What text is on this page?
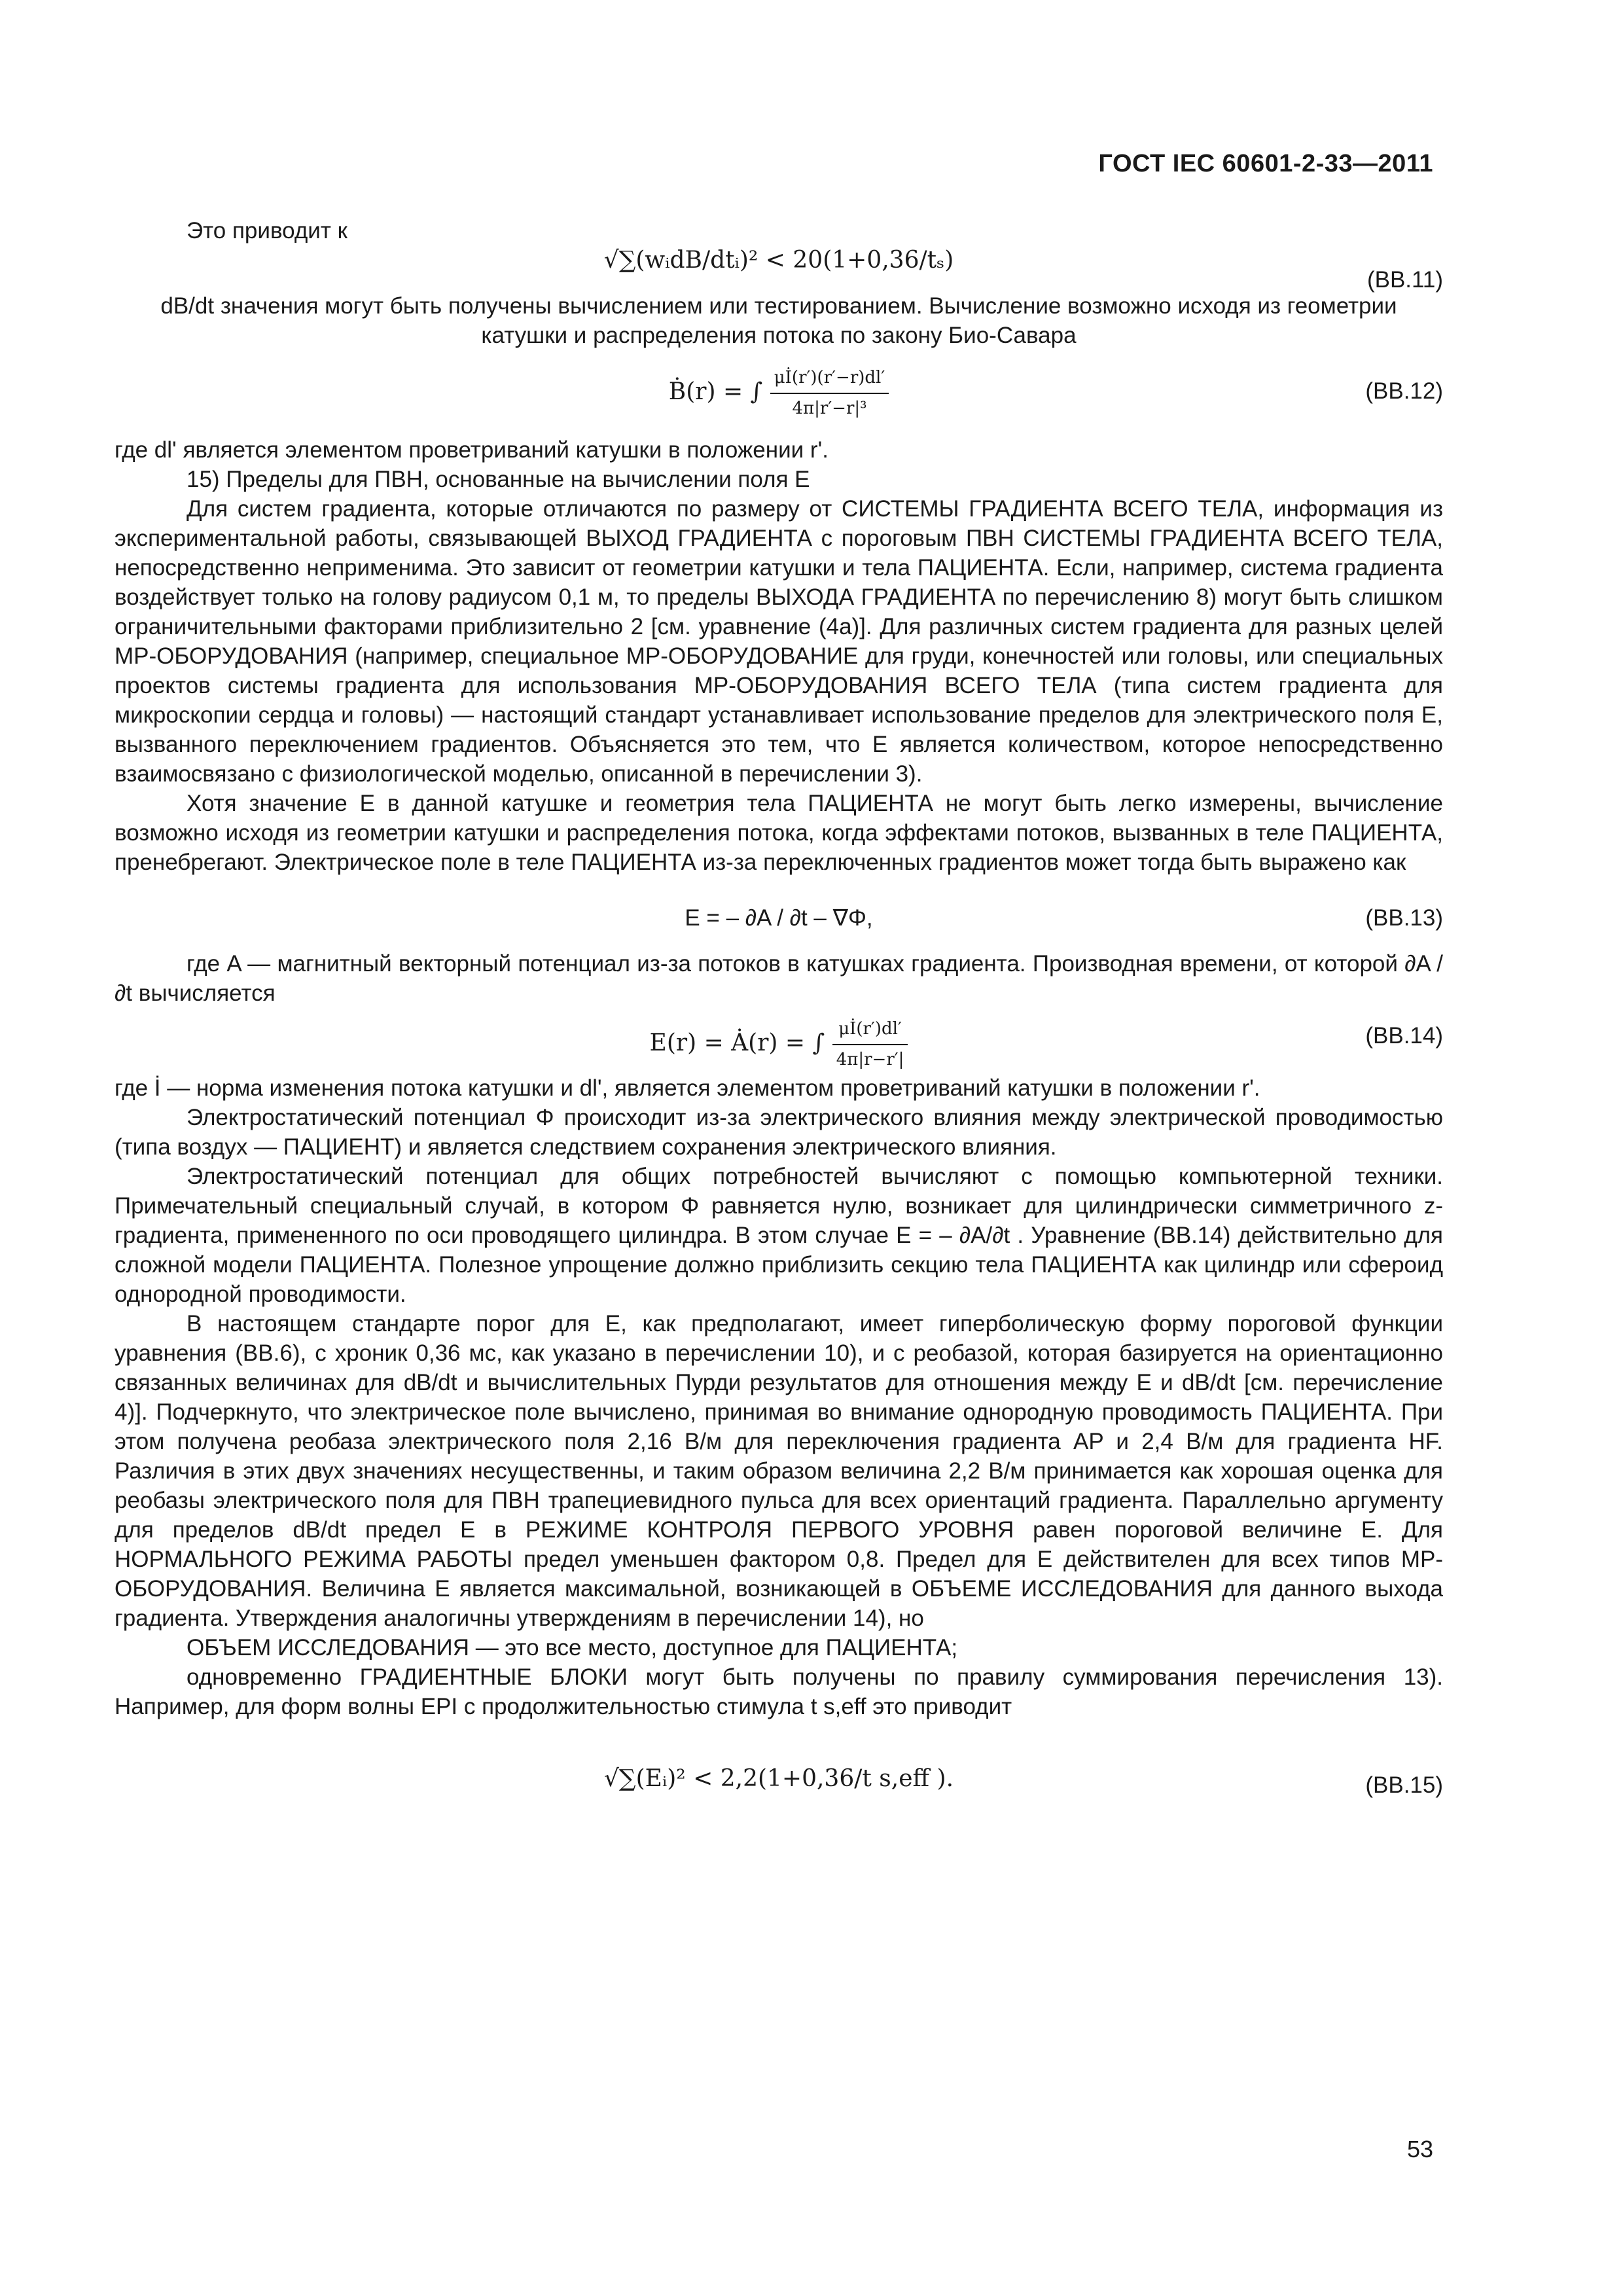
ГОСТ IEC 60601-2-33—2011

Это приводит к

√∑(wᵢdB/dtᵢ)² < 20(1+0,36/tₛ)
(ВВ.11)

dB/dt значения могут быть получены вычислением или тестированием. Вычисление возможно исходя из геометрии катушки и распределения потока по закону Био-Савара

Ḃ(r) = ∫ $\frac{\mu İ(r')(r'-r)dl'}{\text{4π|r′−r|³}}$	(ВВ.12)

где dl' является элементом проветриваний катушки в положении r'.

15) Пределы для ПВН, основанные на вычислении поля E

Для систем градиента, которые отличаются по размеру от СИСТЕМЫ ГРАДИЕНТА ВСЕГО ТЕЛА, информация из экспериментальной работы, связывающей ВЫХОД ГРАДИЕНТА с пороговым ПВН СИСТЕМЫ ГРАДИЕНТА ВСЕГО ТЕЛА, непосредственно неприменима. Это зависит от геометрии катушки и тела ПАЦИЕНТА. Если, например, система градиента воздействует только на голову радиусом 0,1 м, то пределы ВЫХОДА ГРАДИЕНТА по перечислению 8) могут быть слишком ограничительными факторами приблизительно 2 [см. уравнение (4а)]. Для различных систем градиента для разных целей МР-ОБОРУДОВАНИЯ (например, специальное МР-ОБОРУДОВАНИЕ для груди, конечностей или головы, или специальных проектов системы градиента для использования МР-ОБОРУДОВАНИЯ ВСЕГО ТЕЛА (типа систем градиента для микроскопии сердца и головы) — настоящий стандарт устанавливает использование пределов для электрического поля E, вызванного переключением градиентов. Объясняется это тем, что E является количеством, которое непосредственно взаимосвязано с физиологической моделью, описанной в перечислении 3).

Хотя значение E в данной катушке и геометрия тела ПАЦИЕНТА не могут быть легко измерены, вычисление возможно исходя из геометрии катушки и распределения потока, когда эффектами потоков, вызванных в теле ПАЦИЕНТА, пренебрегают. Электрическое поле в теле ПАЦИЕНТА из-за переключенных градиентов может тогда быть выражено как

E = – ∂A / ∂t – ∇Φ,	(ВВ.13)

где A — магнитный векторный потенциал из-за потоков в катушках градиента. Производная времени, от которой ∂A / ∂t вычисляется

E(r) = Ȧ(r) = ∫ $\frac{\mu İ(r')dl'}{4\pi|r-r'|}$	(ВВ.14)

где İ — норма изменения потока катушки и dl', является элементом проветриваний катушки в положении r'.

Электростатический потенциал Φ происходит из-за электрического влияния между электрической проводимостью (типа воздух — ПАЦИЕНТ) и является следствием сохранения электрического влияния.

Электростатический потенциал для общих потребностей вычисляют с помощью компьютерной техники. Примечательный специальный случай, в котором Φ равняется нулю, возникает для цилиндрически симметричного z-градиента, примененного по оси проводящего цилиндра. В этом случае E = – ∂A/∂t . Уравнение (ВВ.14) действительно для сложной модели ПАЦИЕНТА. Полезное упрощение должно приблизить секцию тела ПАЦИЕНТА как цилиндр или сфероид однородной проводимости.

В настоящем стандарте порог для E, как предполагают, имеет гиперболическую форму пороговой функции уравнения (ВВ.6), с хроник 0,36 мс, как указано в перечислении 10), и с реобазой, которая базируется на ориентационно связанных величинах для dB/dt и вычислительных Пурди результатов для отношения между E и dB/dt [см. перечисление 4)]. Подчеркнуто, что электрическое поле вычислено, принимая во внимание однородную проводимость ПАЦИЕНТА. При этом получена реобаза электрического поля 2,16 В/м для переключения градиента AP и 2,4 В/м для градиента HF. Различия в этих двух значениях несущественны, и таким образом величина 2,2 В/м принимается как хорошая оценка для реобазы электрического поля для ПВН трапециевидного пульса для всех ориентаций градиента. Параллельно аргументу для пределов dB/dt предел E в РЕЖИМЕ КОНТРОЛЯ ПЕРВОГО УРОВНЯ равен пороговой величине E. Для НОРМАЛЬНОГО РЕЖИМА РАБОТЫ предел уменьшен фактором 0,8. Предел для E действителен для всех типов МР-ОБОРУДОВАНИЯ. Величина E является максимальной, возникающей в ОБЪЕМЕ ИССЛЕДОВАНИЯ для данного выхода градиента. Утверждения аналогичны утверждениям в перечислении 14), но

ОБЪЕМ ИССЛЕДОВАНИЯ — это все место, доступное для ПАЦИЕНТА;

одновременно ГРАДИЕНТНЫЕ БЛОКИ могут быть получены по правилу суммирования перечисления 13). Например, для форм волны EPI с продолжительностью стимула t s,eff это приводит

√∑(Eᵢ)² < 2,2(1+0,36/t s,eff ).	(ВВ.15)
53
